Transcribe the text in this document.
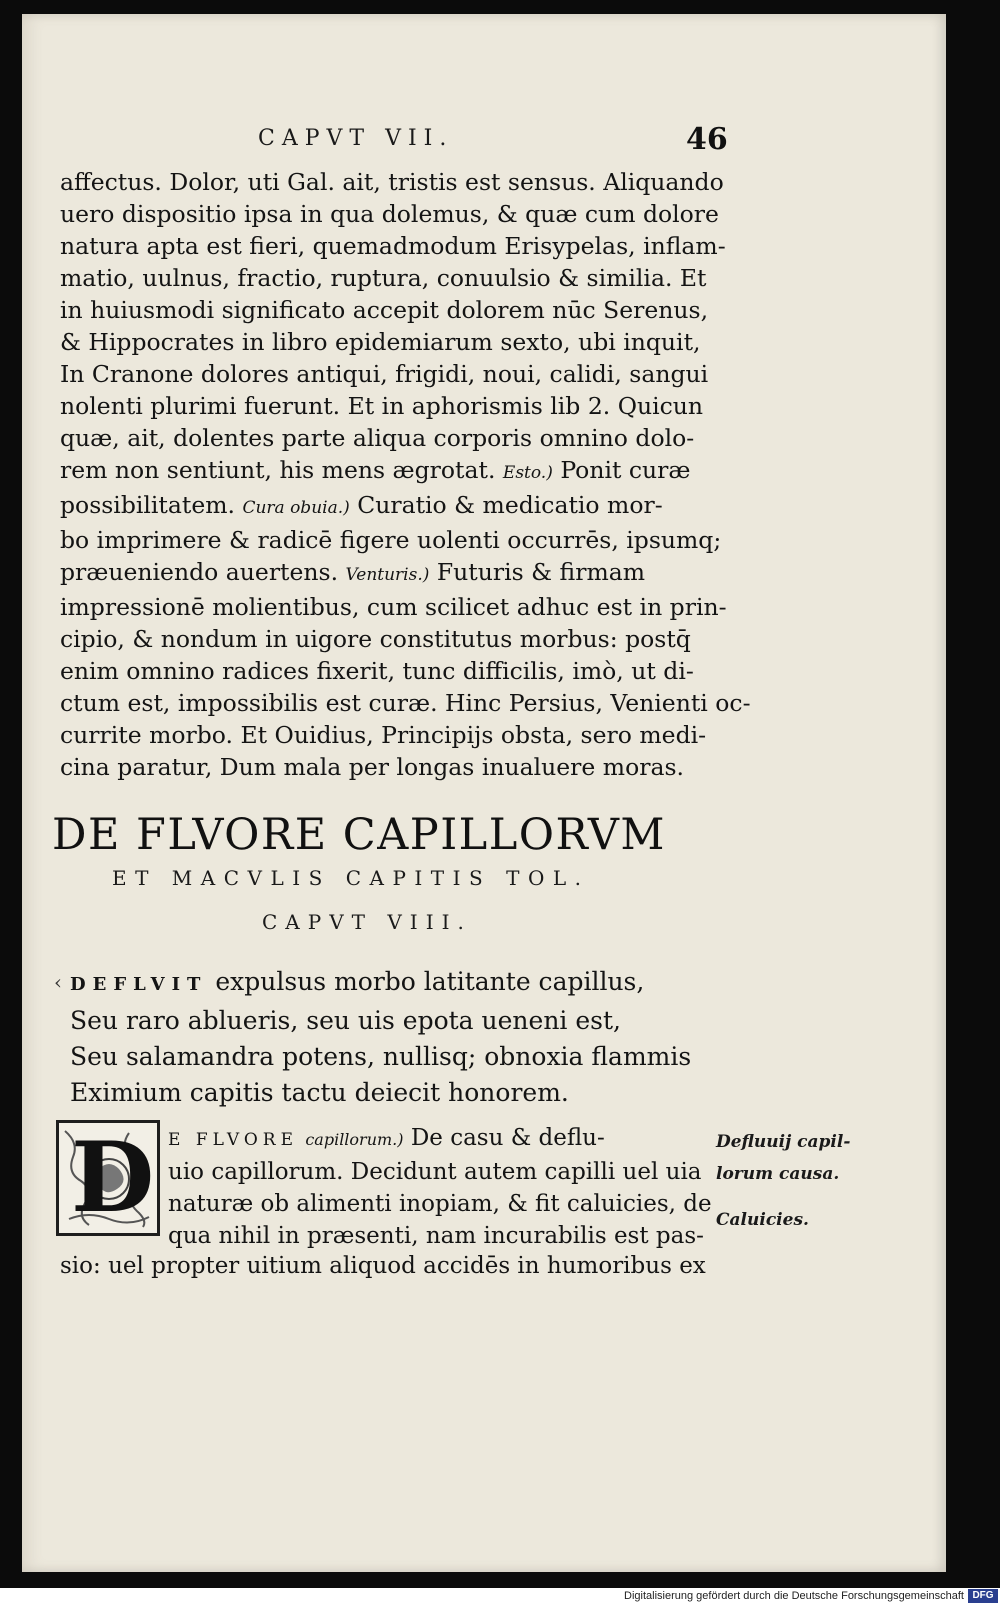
CAPVT VII.	46
affectus. Dolor, uti Gal. ait, tristis est sensus. Aliquando
uero dispositio ipsa in qua dolemus, & quæ cum dolore
natura apta est fieri, quemadmodum Erisypelas, inflam-
matio, uulnus, fractio, ruptura, conuulsio & similia. Et
in huiusmodi significato accepit dolorem nūc Serenus,
& Hippocrates in libro epidemiarum sexto, ubi inquit,
In Cranone dolores antiqui, frigidi, noui, calidi, sangui
nolenti plurimi fuerunt. Et in aphorismis lib 2. Quicun
quæ, ait, dolentes parte aliqua corporis omnino dolo-
rem non sentiunt, his mens ægrotat. Esto.) Ponit curæ
possibilitatem. Cura obuia.) Curatio & medicatio mor-
bo imprimere & radicē figere uolenti occurrēs, ipsumq;
præueniendo auertens. Venturis.) Futuris & firmam
impressionē molientibus, cum scilicet adhuc est in prin-
cipio, & nondum in uigore constitutus morbus: postq̄
enim omnino radices fixerit, tunc difficilis, imò, ut di-
ctum est, impossibilis est curæ. Hinc Persius, Venienti oc-
currite morbo. Et Ouidius, Principijs obsta, sero medi-
cina paratur, Dum mala per longas inualuere moras.
DE FLVORE CAPILLORVM
ET MACVLIS CAPITIS TOL.
CAPVT VIII.
‹ DEFLVIT expulsus morbo latitante capillus,
Seu raro ablueris, seu uis epota ueneni est,
Seu salamandra potens, nullisq; obnoxia flammis
Eximium capitis tactu deiecit honorem.
D E FLVORE capillorum.) De casu & deflu-
uio capillorum. Decidunt autem capilli uel uia
naturæ ob alimenti inopiam, & fit caluicies, de
qua nihil in præsenti, nam incurabilis est pas-
sio: uel propter uitium aliquod accidēs in humoribus ex
Defluuij capil-
lorum causa.
Caluicies.
Digitalisierung gefördert durch die Deutsche Forschungsgemeinschaft DFG
